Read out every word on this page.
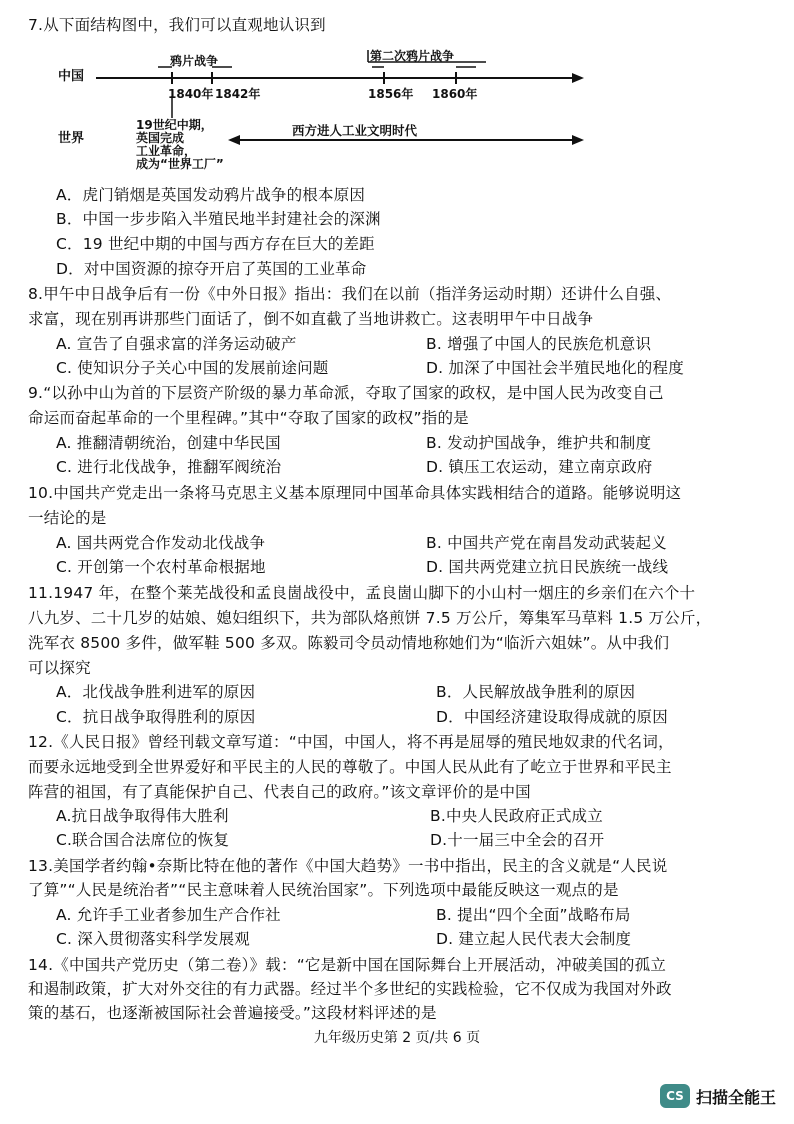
7.从下面结构图中，我们可以直观地认识到
中国
世界
鸦片战争	第二次鸦片战争
1840年 1842年	1856年 1860年
19世纪中期，
英国完成
工业革命，
成为“世界工厂”
西方进人工业文明时代
A．虎门销烟是英国发动鸦片战争的根本原因
B．中国一步步陷入半殖民地半封建社会的深渊
C．19 世纪中期的中国与西方存在巨大的差距
D．对中国资源的掠夺开启了英国的工业革命
8.甲午中日战争后有一份《中外日报》指出：我们在以前（指洋务运动时期）还讲什么自强、
求富，现在别再讲那些门面话了，倒不如直截了当地讲救亡。这表明甲午中日战争
A. 宣告了自强求富的洋务运动破产	B. 增强了中国人的民族危机意识
C. 使知识分子关心中国的发展前途问题	D. 加深了中国社会半殖民地化的程度
9.“以孙中山为首的下层资产阶级的暴力革命派，夺取了国家的政权，是中国人民为改变自己
命运而奋起革命的一个里程碑。”其中“夺取了国家的政权”指的是
A. 推翻清朝统治，创建中华民国	B. 发动护国战争，维护共和制度
C. 进行北伐战争，推翻军阀统治	D. 镇压工农运动，建立南京政府
10.中国共产党走出一条将马克思主义基本原理同中国革命具体实践相结合的道路。能够说明这
一结论的是
A. 国共两党合作发动北伐战争	B. 中国共产党在南昌发动武装起义
C. 开创第一个农村革命根据地	D. 国共两党建立抗日民族统一战线
11.1947 年，在整个莱芜战役和孟良崮战役中，孟良崮山脚下的小山村一烟庄的乡亲们在六个十
八九岁、二十几岁的姑娘、媳妇组织下，共为部队烙煎饼 7.5 万公斤，筹集军马草料 1.5 万公斤，
洗军衣 8500 多件，做军鞋 500 多双。陈毅司令员动情地称她们为“临沂六姐妹”。从中我们
可以探究
A．北伐战争胜利进军的原因	B．人民解放战争胜利的原因
C．抗日战争取得胜利的原因	D．中国经济建设取得成就的原因
12.《人民日报》曾经刊载文章写道：“中国，中国人，将不再是屈辱的殖民地奴隶的代名词，
而要永远地受到全世界爱好和平民主的人民的尊敬了。中国人民从此有了屹立于世界和平民主
阵营的祖国，有了真能保护自己、代表自己的政府。”该文章评价的是中国
A.抗日战争取得伟大胜利	B.中央人民政府正式成立
C.联合国合法席位的恢复	D.十一届三中全会的召开
13.美国学者约翰•奈斯比特在他的著作《中国大趋势》一书中指出，民主的含义就是“人民说
了算”“人民是统治者”“民主意味着人民统治国家”。下列选项中最能反映这一观点的是
A. 允许手工业者参加生产合作社	B. 提出“四个全面”战略布局
C. 深入贯彻落实科学发展观	D. 建立起人民代表大会制度
14.《中国共产党历史（第二卷）》载：“它是新中国在国际舞台上开展活动，冲破美国的孤立
和遏制政策，扩大对外交往的有力武器。经过半个多世纪的实践检验，它不仅成为我国对外政
策的基石，也逐渐被国际社会普遍接受。”这段材料评述的是
九年级历史第 2 页/共 6 页
CS 扫描全能王
